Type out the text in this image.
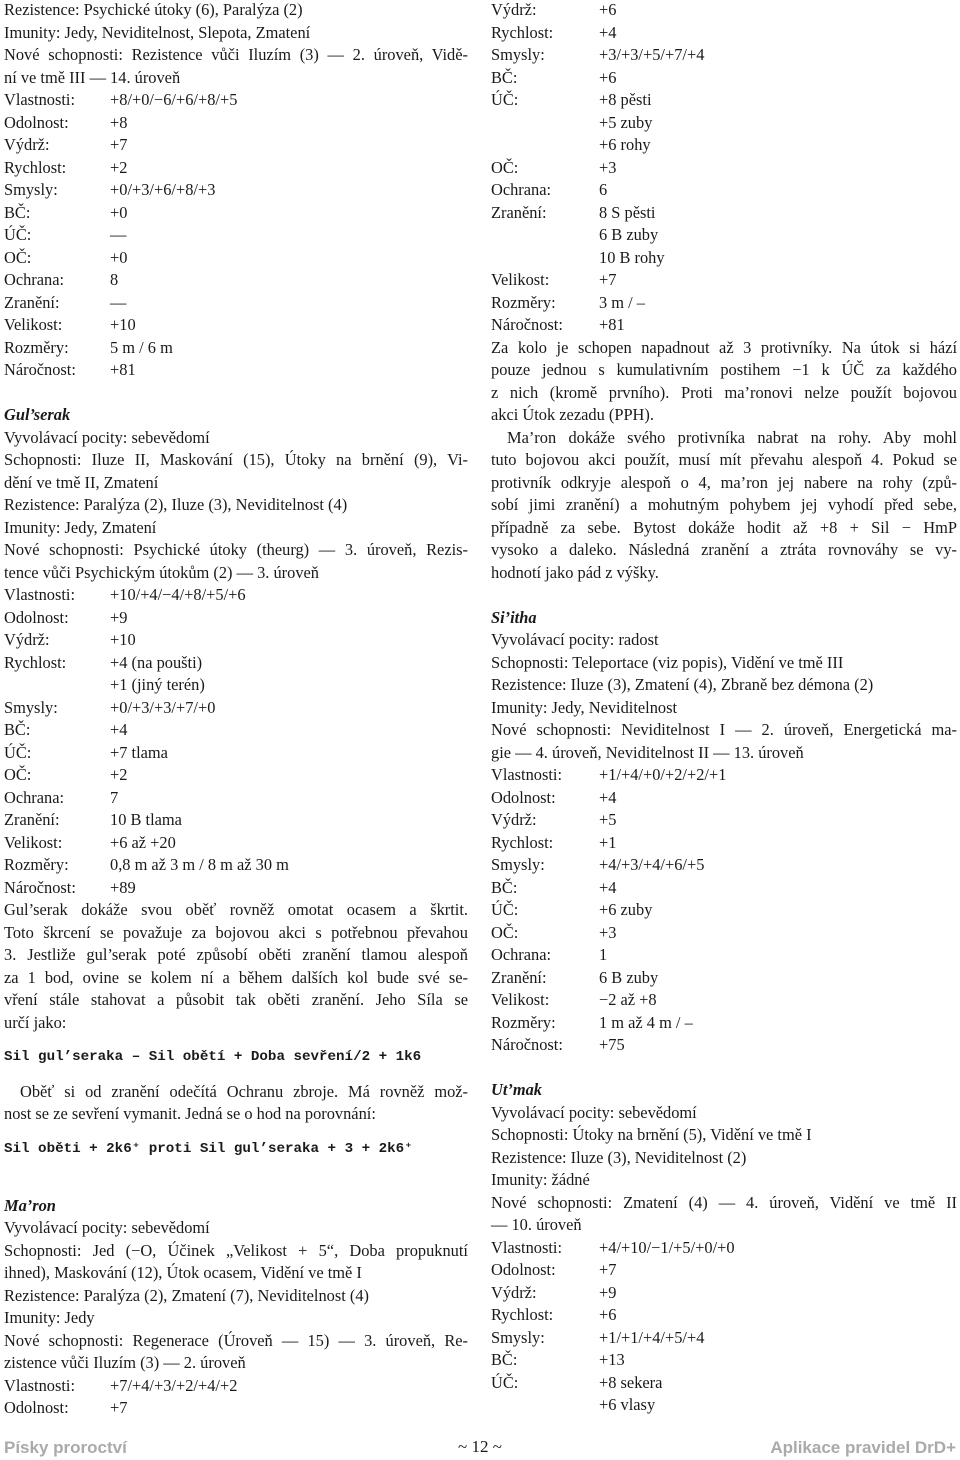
Rezistence: Psychické útoky (6), Paralýza (2)
Imunity: Jedy, Neviditelnost, Slepota, Zmatení
Nové schopnosti: Rezistence vůči Iluzím (3) — 2. úroveň, Vidě-
ní ve tmě III — 14. úroveň
Vlastnosti:	+8/+0/−6/+6/+8/+5
Odolnost:	+8
Výdrž:	+7
Rychlost:	+2
Smysly:	+0/+3/+6/+8/+3
BČ:	+0
ÚČ:	—
OČ:	+0
Ochrana:	8
Zranění:	—
Velikost:	+10
Rozměry:	5 m / 6 m
Náročnost:	+81
Gul’serak
Vyvolávací pocity: sebevědomí
Schopnosti: Iluze II, Maskování (15), Útoky na brnění (9), Vi-
dění ve tmě II, Zmatení
Rezistence: Paralýza (2), Iluze (3), Neviditelnost (4)
Imunity: Jedy, Zmatení
Nové schopnosti: Psychické útoky (theurg) — 3. úroveň, Rezis-
tence vůči Psychickým útokům (2) — 3. úroveň
Vlastnosti:	+10/+4/−4/+8/+5/+6
Odolnost:	+9
Výdrž:	+10
Rychlost:	+4 (na poušti)
+1 (jiný terén)
Smysly:	+0/+3/+3/+7/+0
BČ:	+4
ÚČ:	+7 tlama
OČ:	+2
Ochrana:	7
Zranění:	10 B tlama
Velikost:	+6 až +20
Rozměry:	0,8 m až 3 m / 8 m až 30 m
Náročnost:	+89
Gul’serak dokáže svou oběť rovněž omotat ocasem a škrtit.
Toto škrcení se považuje za bojovou akci s potřebnou převahou
3. Jestliže gul’serak poté způsobí oběti zranění tlamou alespoň
za 1 bod, ovine se kolem ní a během dalších kol bude své se-
vření stále stahovat a působit tak oběti zranění. Jeho Síla se
určí jako:
Sil gul’seraka – Sil obětí + Doba sevření/2 + 1k6
Oběť si od zranění odečítá Ochranu zbroje. Má rovněž mož-
nost se ze sevření vymanit. Jedná se o hod na porovnání:
Sil oběti + 2k6⁺ proti Sil gul’seraka + 3 + 2k6⁺
Ma’ron
Vyvolávací pocity: sebevědomí
Schopnosti: Jed (−O, Účinek „Velikost + 5“, Doba propuknutí
ihned), Maskování (12), Útok ocasem, Vidění ve tmě I
Rezistence: Paralýza (2), Zmatení (7), Neviditelnost (4)
Imunity: Jedy
Nové schopnosti: Regenerace (Úroveň — 15) — 3. úroveň, Re-
zistence vůči Iluzím (3) — 2. úroveň
Vlastnosti:	+7/+4/+3/+2/+4/+2
Odolnost:	+7
Výdrž:	+6
Rychlost:	+4
Smysly:	+3/+3/+5/+7/+4
BČ:	+6
ÚČ:	+8 pěsti
+5 zuby
+6 rohy
OČ:	+3
Ochrana:	6
Zranění:	8 S pěsti
6 B zuby
10 B rohy
Velikost:	+7
Rozměry:	3 m / –
Náročnost:	+81
Za kolo je schopen napadnout až 3 protivníky. Na útok si hází
pouze jednou s kumulativním postihem −1 k ÚČ za každého
z nich (kromě prvního). Proti ma’ronovi nelze použít bojovou
akci Útok zezadu (PPH).
Ma’ron dokáže svého protivníka nabrat na rohy. Aby mohl
tuto bojovou akci použít, musí mít převahu alespoň 4. Pokud se
protivník odkryje alespoň o 4, ma’ron jej nabere na rohy (způ-
sobí jimi zranění) a mohutným pohybem jej vyhodí před sebe,
případně za sebe. Bytost dokáže hodit až +8 + Sil − HmP
vysoko a daleko. Následná zranění a ztráta rovnováhy se vy-
hodnotí jako pád z výšky.
Si’itha
Vyvolávací pocity: radost
Schopnosti: Teleportace (viz popis), Vidění ve tmě III
Rezistence: Iluze (3), Zmatení (4), Zbraně bez démona (2)
Imunity: Jedy, Neviditelnost
Nové schopnosti: Neviditelnost I — 2. úroveň, Energetická ma-
gie — 4. úroveň, Neviditelnost II — 13. úroveň
Vlastnosti:	+1/+4/+0/+2/+2/+1
Odolnost:	+4
Výdrž:	+5
Rychlost:	+1
Smysly:	+4/+3/+4/+6/+5
BČ:	+4
ÚČ:	+6 zuby
OČ:	+3
Ochrana:	1
Zranění:	6 B zuby
Velikost:	−2 až +8
Rozměry:	1 m až 4 m / –
Náročnost:	+75
Ut’mak
Vyvolávací pocity: sebevědomí
Schopnosti: Útoky na brnění (5), Vidění ve tmě I
Rezistence: Iluze (3), Neviditelnost (2)
Imunity: žádné
Nové schopnosti: Zmatení (4) — 4. úroveň, Vidění ve tmě II
— 10. úroveň
Vlastnosti:	+4/+10/−1/+5/+0/+0
Odolnost:	+7
Výdrž:	+9
Rychlost:	+6
Smysly:	+1/+1/+4/+5/+4
BČ:	+13
ÚČ:	+8 sekera
+6 vlasy
Písky proroctví	~ 12 ~	Aplikace pravidel DrD+
